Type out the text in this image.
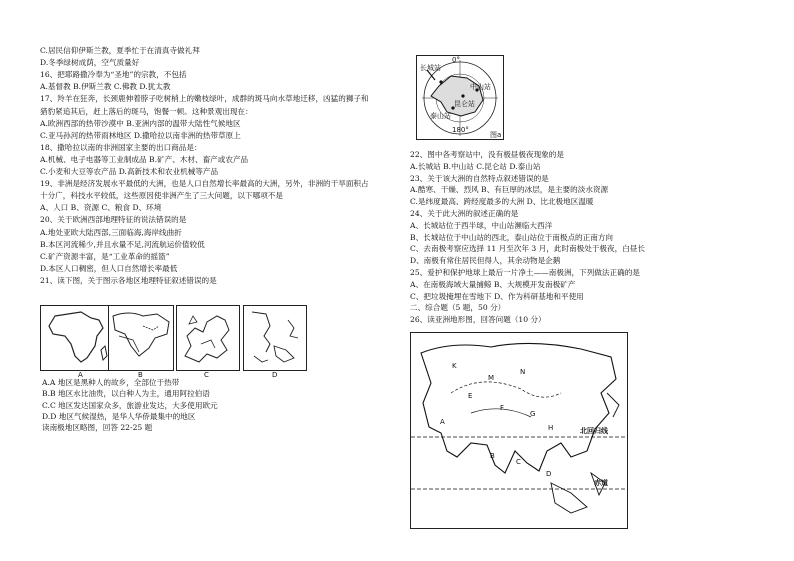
C.居民信仰伊斯兰教，夏季忙于在清真寺做礼拜
D.冬季绿树成荫，空气质量好
16、把耶路撒冷奉为“圣地”的宗教，不包括
A.基督教 B.伊斯兰教 C.佛教 D.犹太教
17、羚羊在狂奔，长颈鹿伸着脖子吃树梢上的嫩枝绿叶，成群的斑马向水草地迁移，凶猛的狮子和
猎豹紧追其后，赶上落后的斑马，饱餐一顿。这种景观出现在：
A.欧洲西部的热带沙漠中 B.亚洲内部的温带大陆性气候地区
C.亚马孙河的热带雨林地区 D.撒哈拉以南非洲的热带草原上
18、撒哈拉以南的非洲国家主要的出口商品是：
A.机械、电子电器等工业制成品 B.矿产、木材、畜产或农产品
C.小麦和大豆等农产品 D.高新技术和农业机械等产品
19、非洲是经济发展水平最低的大洲，也是人口自然增长率最高的大洲，另外，非洲的干旱面积占
十分广，科技水平较低，这些原因使非洲产生了三大问题，以下哪项不是
A、人口 B、资源 C、粮食 D、环境
20、关于欧洲西部地理特征的说法错误的是
A.地处亚欧大陆西部,三面临海,海岸线曲折
B.本区河流稀少,并且水量不足,河流航运价值较低
C.矿产资源丰富，是“工业革命的摇篮”
D.本区人口稠密，但人口自然增长率最低
21、读下图，关于图示各地区地理特征叙述错误的是
A	B	C	D
A.A 地区是黑种人的故乡，全部位于热带
B.B 地区水比油贵，以白种人为主，通用阿拉伯语
C.C 地区发达国家众多，旅游业发达，大多使用欧元
D.D 地区气候湿热，是华人华侨最集中的地区
读南极地区略图，回答 22-25 题
长城站
中山站
昆仑站
泰山站
0°
180°
图a
22、图中各考察站中，没有极昼极夜现象的是
A.长城站 B.中山站 C.昆仑站 D.泰山站
23、关于该大洲的自然特点叙述错误的是
A.酷寒、干燥、烈风 B、有巨厚的冰层，是主要的淡水资源
C.是纬度最高、跨经度最多的大洲 D、比北极地区温暖
24、关于此大洲的叙述正确的是
A、长城站位于西半球，中山站濒临大西洋
B、长城站位于中山站的西北，泰山站位于南极点的正南方向
C、去南极考察应选择 11 月至次年 3 月，此时南极处于极夜，白昼长
D、南极有常住居民但得人，其余动物是企鹅
25、爱护和保护地球上最后一片净土——南极洲，下列做法正确的是
A、在南极海域大量捕鲸 B、大规模开发南极矿产
C、把垃圾掩埋在雪地下 D、作为科研基地和平使用
二、综合题（5 题，50 分）
26、读亚洲地形图，回答问题（10 分）
K
M
N
E
F
G
H
A
B
C
D
北回归线
赤道
